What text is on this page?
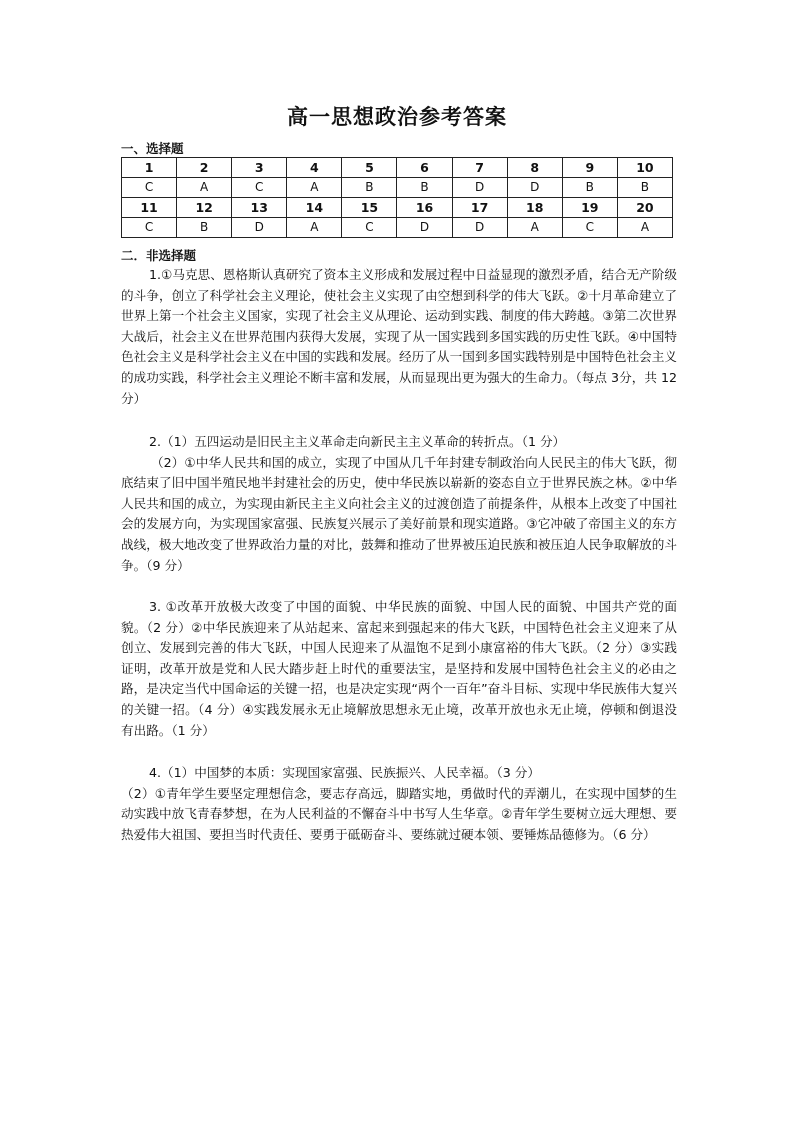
高一思想政治参考答案
一、选择题
1	2	3	4	5	6	7	8	9	10
C	A	C	A	B	B	D	D	B	B
11	12	13	14	15	16	17	18	19	20
C	B	D	A	C	D	D	A	C	A
二．非选择题

1.①马克思、恩格斯认真研究了资本主义形成和发展过程中日益显现的激烈矛盾，结合无产阶级的斗争，创立了科学社会主义理论，使社会主义实现了由空想到科学的伟大飞跃。②十月革命建立了世界上第一个社会主义国家，实现了社会主义从理论、运动到实践、制度的伟大跨越。③第二次世界大战后，社会主义在世界范围内获得大发展，实现了从一国实践到多国实践的历史性飞跃。④中国特色社会主义是科学社会主义在中国的实践和发展。经历了从一国到多国实践特别是中国特色社会主义的成功实践，科学社会主义理论不断丰富和发展，从而显现出更为强大的生命力。（每点 3分，共 12分）

2.（1）五四运动是旧民主主义革命走向新民主主义革命的转折点。（1 分）

（2）①中华人民共和国的成立，实现了中国从几千年封建专制政治向人民民主的伟大飞跃，彻底结束了旧中国半殖民地半封建社会的历史，使中华民族以崭新的姿态自立于世界民族之林。②中华人民共和国的成立，为实现由新民主主义向社会主义的过渡创造了前提条件，从根本上改变了中国社会的发展方向，为实现国家富强、民族复兴展示了美好前景和现实道路。③它冲破了帝国主义的东方战线，极大地改变了世界政治力量的对比，鼓舞和推动了世界被压迫民族和被压迫人民争取解放的斗争。（9 分）

3. ①改革开放极大改变了中国的面貌、中华民族的面貌、中国人民的面貌、中国共产党的面貌。（2 分）②中华民族迎来了从站起来、富起来到强起来的伟大飞跃，中国特色社会主义迎来了从创立、发展到完善的伟大飞跃，中国人民迎来了从温饱不足到小康富裕的伟大飞跃。（2 分）③实践证明，改革开放是党和人民大踏步赶上时代的重要法宝，是坚持和发展中国特色社会主义的必由之路，是决定当代中国命运的关键一招，也是决定实现“两个一百年”奋斗目标、实现中华民族伟大复兴的关键一招。（4 分）④实践发展永无止境解放思想永无止境，改革开放也永无止境，停顿和倒退没有出路。（1 分）

4.（1）中国梦的本质：实现国家富强、民族振兴、人民幸福。（3 分）

（2）①青年学生要坚定理想信念，要志存高远，脚踏实地，勇做时代的弄潮儿，在实现中国梦的生动实践中放飞青春梦想，在为人民利益的不懈奋斗中书写人生华章。②青年学生要树立远大理想、要热爱伟大祖国、要担当时代责任、要勇于砥砺奋斗、要练就过硬本领、要锤炼品德修为。（6 分）
